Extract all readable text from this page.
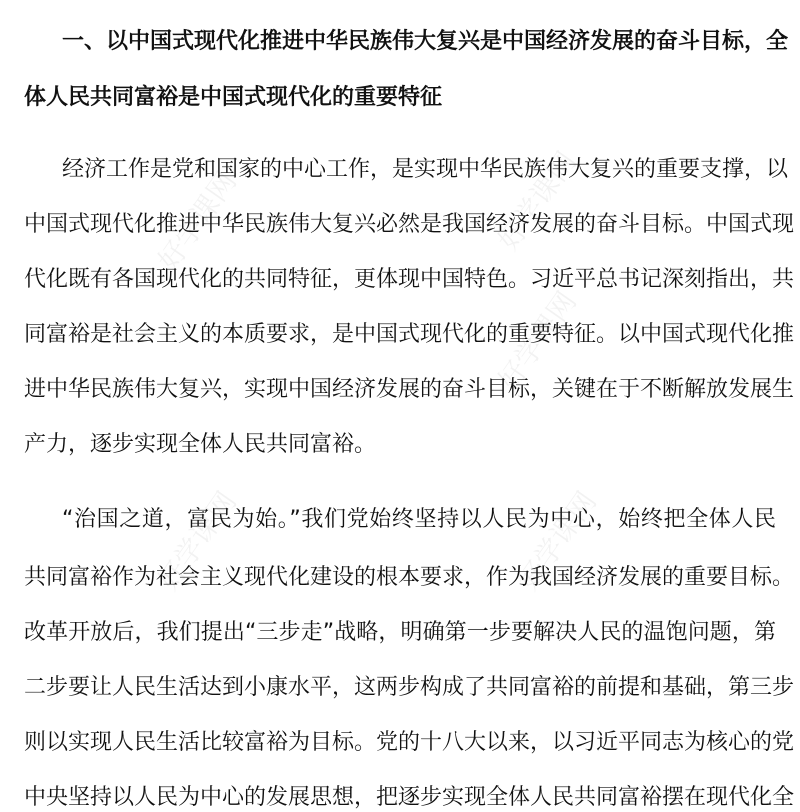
好学课网	好学课网
好学课网
好学课网	好学课网
一、以中国式现代化推进中华民族伟大复兴是中国经济发展的奋斗目标，全
体人民共同富裕是中国式现代化的重要特征
经济工作是党和国家的中心工作，是实现中华民族伟大复兴的重要支撑，以
中国式现代化推进中华民族伟大复兴必然是我国经济发展的奋斗目标。中国式现
代化既有各国现代化的共同特征，更体现中国特色。习近平总书记深刻指出，共
同富裕是社会主义的本质要求，是中国式现代化的重要特征。以中国式现代化推
进中华民族伟大复兴，实现中国经济发展的奋斗目标，关键在于不断解放发展生
产力，逐步实现全体人民共同富裕。
“治国之道，富民为始。”我们党始终坚持以人民为中心，始终把全体人民
共同富裕作为社会主义现代化建设的根本要求，作为我国经济发展的重要目标。
改革开放后，我们提出“三步走”战略，明确第一步要解决人民的温饱问题，第
二步要让人民生活达到小康水平，这两步构成了共同富裕的前提和基础，第三步
则以实现人民生活比较富裕为目标。党的十八大以来，以习近平同志为核心的党
中央坚持以人民为中心的发展思想，把逐步实现全体人民共同富裕摆在现代化全
